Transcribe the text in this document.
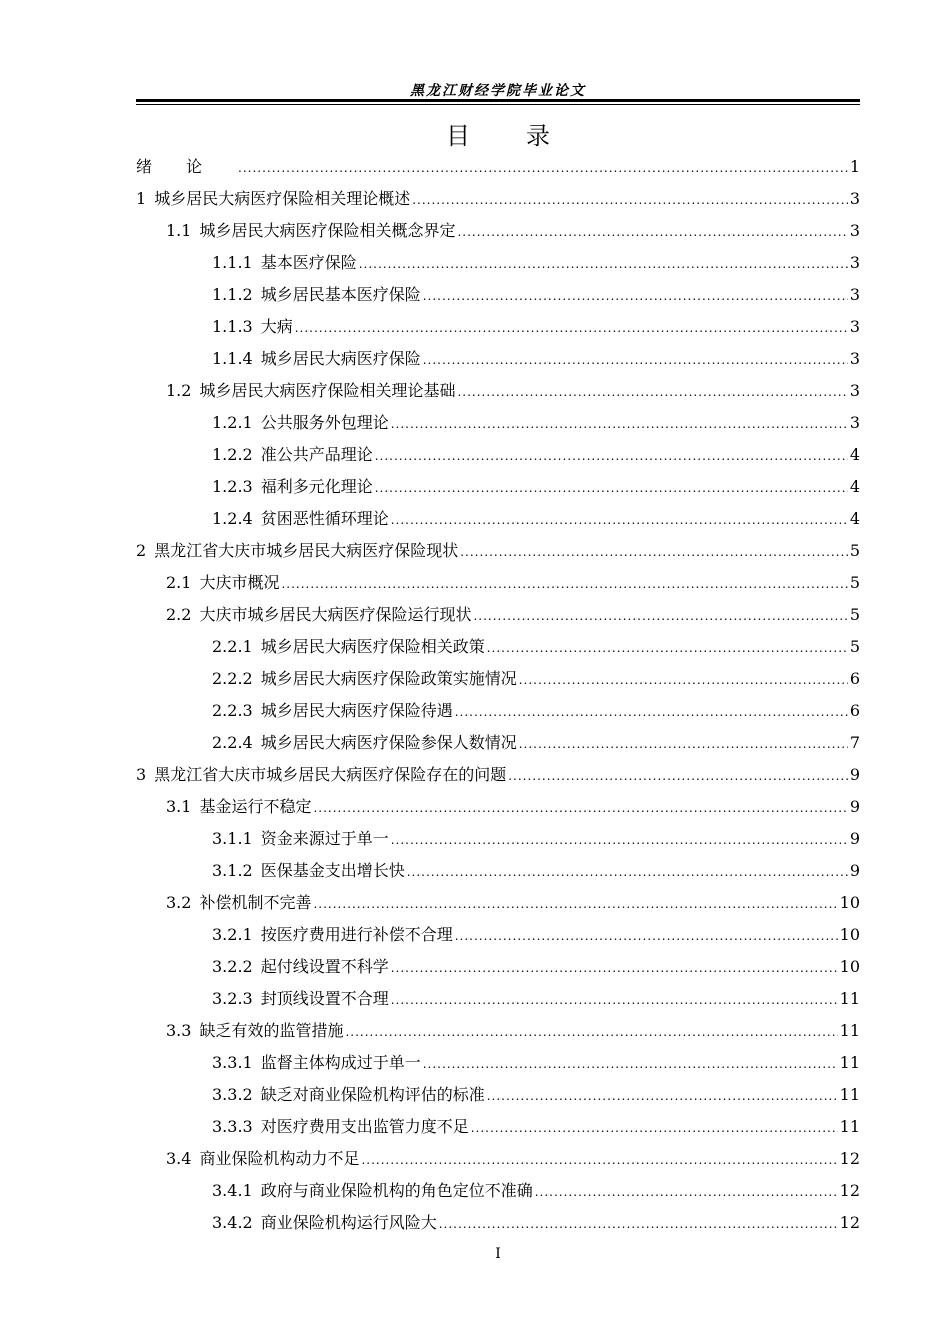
黑龙江财经学院毕业论文
目 录
绪论 .....	1
1 城乡居民大病医疗保险相关理论概述 .....	3
1.1 城乡居民大病医疗保险相关概念界定 .....	3
1.1.1 基本医疗保险 .....	3
1.1.2 城乡居民基本医疗保险 .....	3
1.1.3 大病 .....	3
1.1.4 城乡居民大病医疗保险 .....	3
1.2 城乡居民大病医疗保险相关理论基础 .....	3
1.2.1 公共服务外包理论 .....	3
1.2.2 准公共产品理论 .....	4
1.2.3 福利多元化理论 .....	4
1.2.4 贫困恶性循环理论 .....	4
2 黑龙江省大庆市城乡居民大病医疗保险现状 .....	5
2.1 大庆市概况 .....	5
2.2 大庆市城乡居民大病医疗保险运行现状 .....	5
2.2.1 城乡居民大病医疗保险相关政策 .....	5
2.2.2 城乡居民大病医疗保险政策实施情况 .....	6
2.2.3 城乡居民大病医疗保险待遇 .....	6
2.2.4 城乡居民大病医疗保险参保人数情况 .....	7
3 黑龙江省大庆市城乡居民大病医疗保险存在的问题 .....	9
3.1 基金运行不稳定 .....	9
3.1.1 资金来源过于单一 .....	9
3.1.2 医保基金支出增长快 .....	9
3.2 补偿机制不完善 .....	10
3.2.1 按医疗费用进行补偿不合理 .....	10
3.2.2 起付线设置不科学 .....	10
3.2.3 封顶线设置不合理 .....	11
3.3 缺乏有效的监管措施 .....	11
3.3.1 监督主体构成过于单一 .....	11
3.3.2 缺乏对商业保险机构评估的标准 .....	11
3.3.3 对医疗费用支出监管力度不足 .....	11
3.4 商业保险机构动力不足 .....	12
3.4.1 政府与商业保险机构的角色定位不准确 .....	12
3.4.2 商业保险机构运行风险大 .....	12
I
